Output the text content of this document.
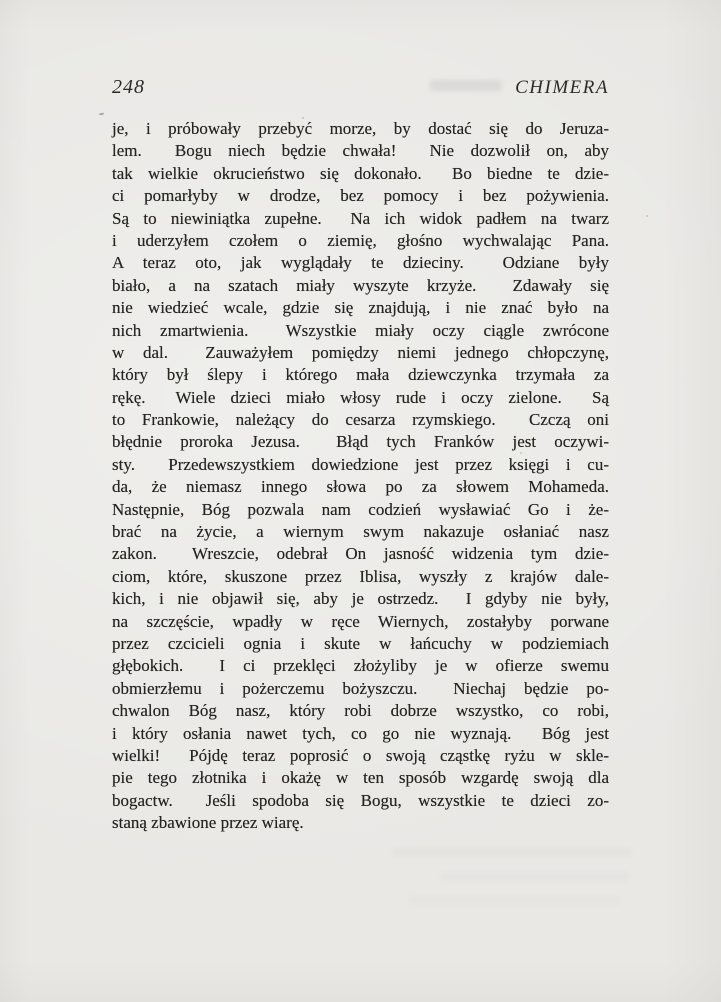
248	CHIMERA
je, i próbowały przebyć morze, by dostać się do Jeruza-
lem.  Bogu niech będzie chwała!  Nie dozwolił on, aby
tak wielkie okrucieństwo się dokonało.  Bo biedne te dzie-
ci pomarłyby w drodze, bez pomocy i bez pożywienia.
Są to niewiniątka zupełne.  Na ich widok padłem na twarz
i uderzyłem czołem o ziemię, głośno wychwalając Pana.
A teraz oto, jak wyglądały te dzieciny.  Odziane były
biało, a na szatach miały wyszyte krzyże.  Zdawały się
nie wiedzieć wcale, gdzie się znajdują, i nie znać było na
nich zmartwienia.  Wszystkie miały oczy ciągle zwrócone
w dal.  Zauważyłem pomiędzy niemi jednego chłopczynę,
który był ślepy i którego mała dziewczynka trzymała za
rękę.  Wiele dzieci miało włosy rude i oczy zielone.  Są
to Frankowie, należący do cesarza rzymskiego.  Czczą oni
błędnie proroka Jezusa.  Błąd tych Franków jest oczywi-
sty.  Przedewszystkiem dowiedzione jest przez księgi i cu-
da, że niemasz innego słowa po za słowem Mohameda.
Następnie, Bóg pozwala nam codzień wysławiać Go i że-
brać na życie, a wiernym swym nakazuje osłaniać nasz
zakon.  Wreszcie, odebrał On jasność widzenia tym dzie-
ciom, które, skuszone przez Iblisa, wyszły z krajów dale-
kich, i nie objawił się, aby je ostrzedz.  I gdyby nie były,
na szczęście, wpadły w ręce Wiernych, zostałyby porwane
przez czcicieli ognia i skute w łańcuchy w podziemiach
głębokich.  I ci przeklęci złożyliby je w ofierze swemu
obmierzłemu i pożerczemu bożyszczu.  Niechaj będzie po-
chwalon Bóg nasz, który robi dobrze wszystko, co robi,
i który osłania nawet tych, co go nie wyznają.  Bóg jest
wielki!  Pójdę teraz poprosić o swoją cząstkę ryżu w skle-
pie tego złotnika i okażę w ten sposób wzgardę swoją dla
bogactw.  Jeśli spodoba się Bogu, wszystkie te dzieci zo-
staną zbawione przez wiarę.
